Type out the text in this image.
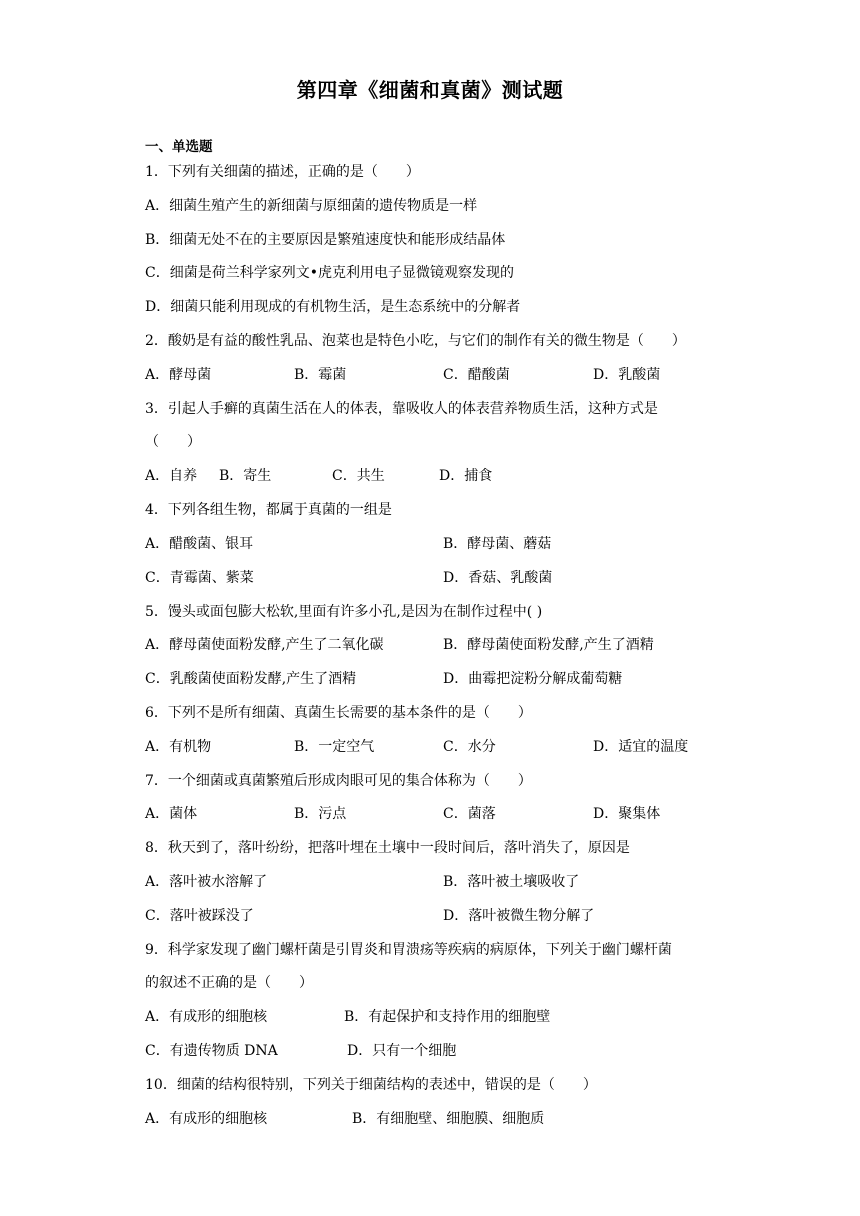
第四章《细菌和真菌》测试题
一、单选题
1．下列有关细菌的描述，正确的是（　　）
A．细菌生殖产生的新细菌与原细菌的遗传物质是一样
B．细菌无处不在的主要原因是繁殖速度快和能形成结晶体
C．细菌是荷兰科学家列文•虎克利用电子显微镜观察发现的
D．细菌只能利用现成的有机物生活，是生态系统中的分解者
2．酸奶是有益的酸性乳品、泡菜也是特色小吃，与它们的制作有关的微生物是（　　）
A．酵母菌	B．霉菌	C．醋酸菌	D．乳酸菌
3．引起人手癣的真菌生活在人的体表，靠吸收人的体表营养物质生活，这种方式是
（　　）
A．自养 B．寄生	C．共生	D．捕食
4．下列各组生物，都属于真菌的一组是
A．醋酸菌、银耳	B．酵母菌、蘑菇
C．青霉菌、紫菜	D．香菇、乳酸菌
5．馒头或面包膨大松软,里面有许多小孔,是因为在制作过程中( )
A．酵母菌使面粉发酵,产生了二氧化碳	B．酵母菌使面粉发酵,产生了酒精
C．乳酸菌使面粉发酵,产生了酒精	D．曲霉把淀粉分解成葡萄糖
6．下列不是所有细菌、真菌生长需要的基本条件的是（　　）
A．有机物	B．一定空气	C．水分	D．适宜的温度
7．一个细菌或真菌繁殖后形成肉眼可见的集合体称为（　　）
A．菌体	B．污点	C．菌落	D．聚集体
8．秋天到了，落叶纷纷，把落叶埋在土壤中一段时间后，落叶消失了，原因是
A．落叶被水溶解了	B．落叶被土壤吸收了
C．落叶被踩没了	D．落叶被微生物分解了
9．科学家发现了幽门螺杆菌是引胃炎和胃溃疡等疾病的病原体，下列关于幽门螺杆菌
的叙述不正确的是（　　）
A．有成形的细胞核	B．有起保护和支持作用的细胞壁
C．有遗传物质 DNA	D．只有一个细胞
10．细菌的结构很特别，下列关于细菌结构的表述中，错误的是（　　）
A．有成形的细胞核	B．有细胞壁、细胞膜、细胞质
